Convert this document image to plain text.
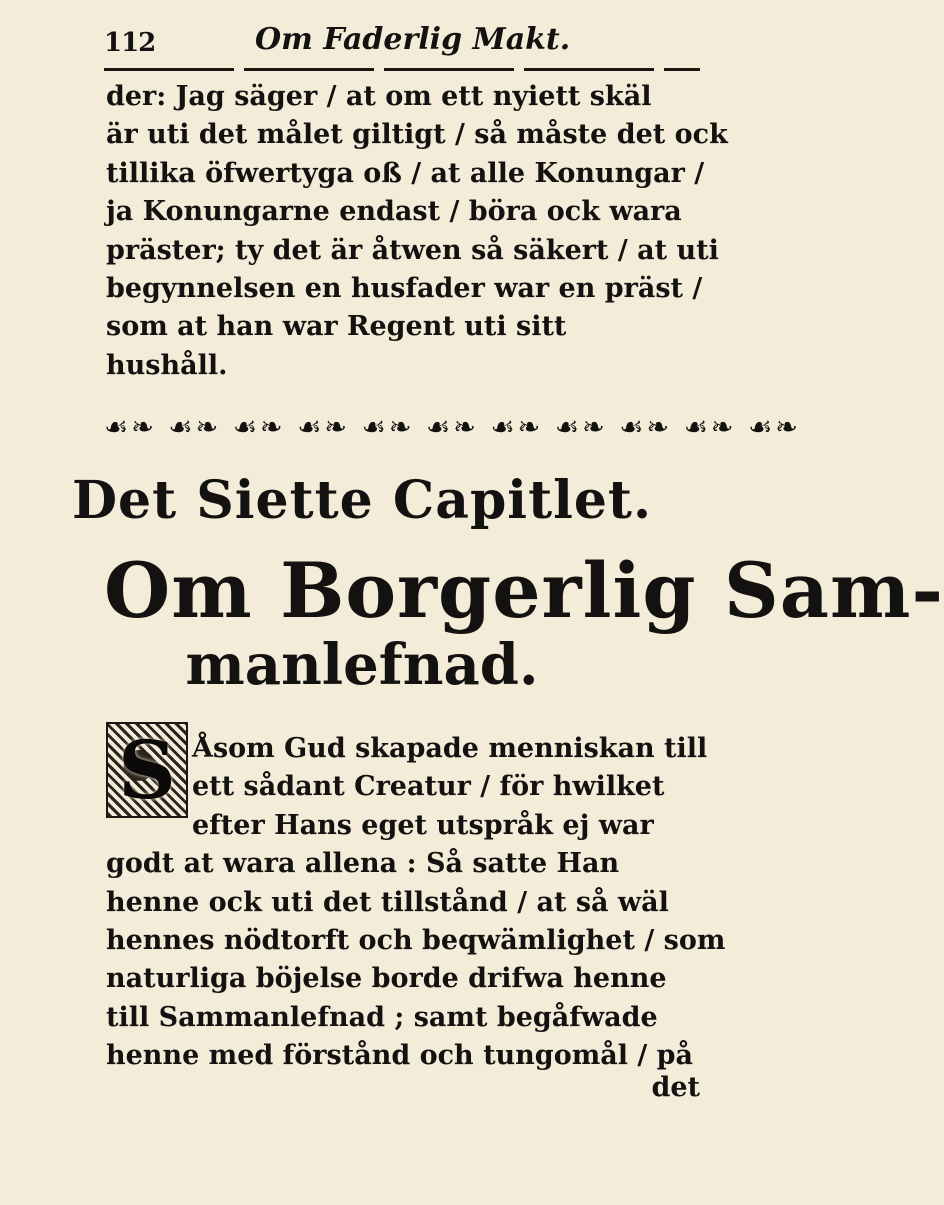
112	Om Faderlig Makt.
der: Jag säger / at om ett nyiett skäl
är uti det målet giltigt / så måste det ock
tillika öfwertyga oß / at alle Konungar /
ja Konungarne endast / böra ock wara
präster; ty det är åtwen så säkert / at uti
begynnelsen en husfader war en präst /
som at han war Regent uti sitt
hushåll.
☙❧ ☙❧ ☙❧ ☙❧ ☙❧ ☙❧ ☙❧ ☙❧ ☙❧ ☙❧ ☙❧
Det Siette Capitlet.
Om Borgerlig Sam-
manlefnad.
S Åsom Gud skapade menniskan till
ett sådant Creatur / för hwilket
efter Hans eget utspråk ej war
godt at wara allena : Så satte Han
henne ock uti det tillstånd / at så wäl
hennes nödtorft och beqwämlighet / som
naturliga böjelse borde drifwa henne
till Sammanlefnad ; samt begåfwade
henne med förstånd och tungomål / på
det
